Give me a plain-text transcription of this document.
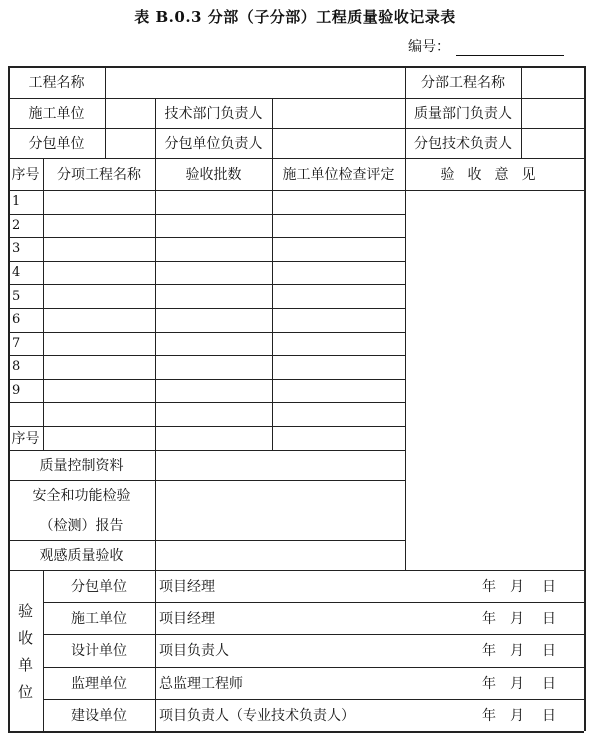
表 B.0.3 分部（子分部）工程质量验收记录表
编号：
工程名称	分部工程名称
施工单位	技术部门负责人	质量部门负责人
分包单位	分包单位负责人	分包技术负责人
序号	分项工程名称	验收批数	施工单位检查评定	验收意见
1
2
3
4
5
6
7
8
9
序号
质量控制资料
安全和功能检验
（检测）报告
观感质量验收
验
收
单
位
分包单位	项目经理	年 月 日
施工单位	项目经理	年 月 日
设计单位	项目负责人	年 月 日
监理单位	总监理工程师	年 月 日
建设单位	项目负责人（专业技术负责人）	年 月 日
